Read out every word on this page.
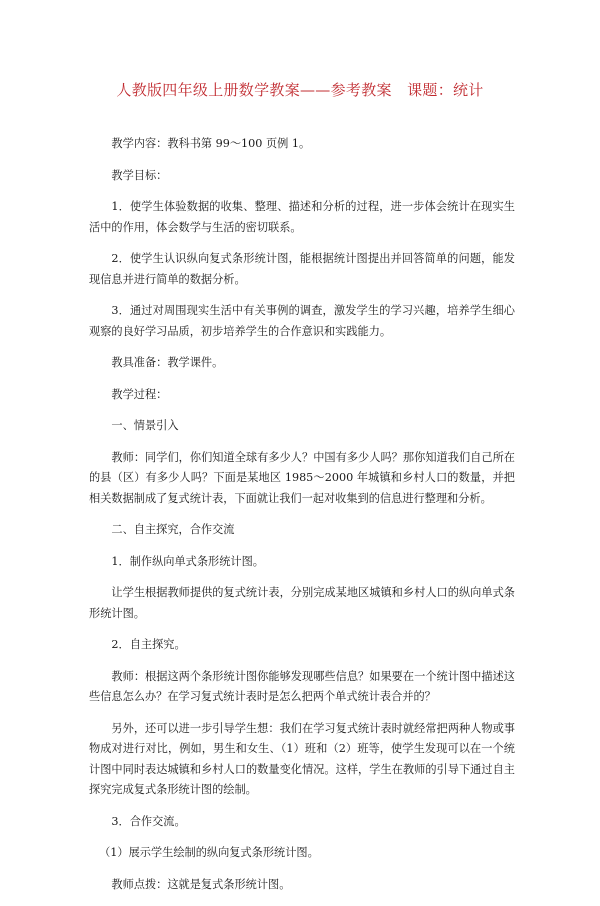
人教版四年级上册数学教案——参考教案　课题：统计

教学内容：教科书第 99～100 页例 1。

教学目标：

1．使学生体验数据的收集、整理、描述和分析的过程，进一步体会统计在现实生活中的作用，体会数学与生活的密切联系。

2．使学生认识纵向复式条形统计图，能根据统计图提出并回答简单的问题，能发现信息并进行简单的数据分析。

3．通过对周围现实生活中有关事例的调查，激发学生的学习兴趣，培养学生细心观察的良好学习品质，初步培养学生的合作意识和实践能力。

教具准备：教学课件。

教学过程：

一、情景引入

教师：同学们，你们知道全球有多少人？中国有多少人吗？那你知道我们自己所在的县（区）有多少人吗？下面是某地区 1985～2000 年城镇和乡村人口的数量，并把相关数据制成了复式统计表，下面就让我们一起对收集到的信息进行整理和分析。

二、自主探究，合作交流

1．制作纵向单式条形统计图。

让学生根据教师提供的复式统计表，分别完成某地区城镇和乡村人口的纵向单式条形统计图。

2．自主探究。

教师：根据这两个条形统计图你能够发现哪些信息？如果要在一个统计图中描述这些信息怎么办？在学习复式统计表时是怎么把两个单式统计表合并的？

另外，还可以进一步引导学生想：我们在学习复式统计表时就经常把两种人物或事物成对进行对比，例如，男生和女生、（1）班和（2）班等，使学生发现可以在一个统计图中同时表达城镇和乡村人口的数量变化情况。这样，学生在教师的引导下通过自主探究完成复式条形统计图的绘制。

3．合作交流。

（1）展示学生绘制的纵向复式条形统计图。

教师点拨：这就是复式条形统计图。
